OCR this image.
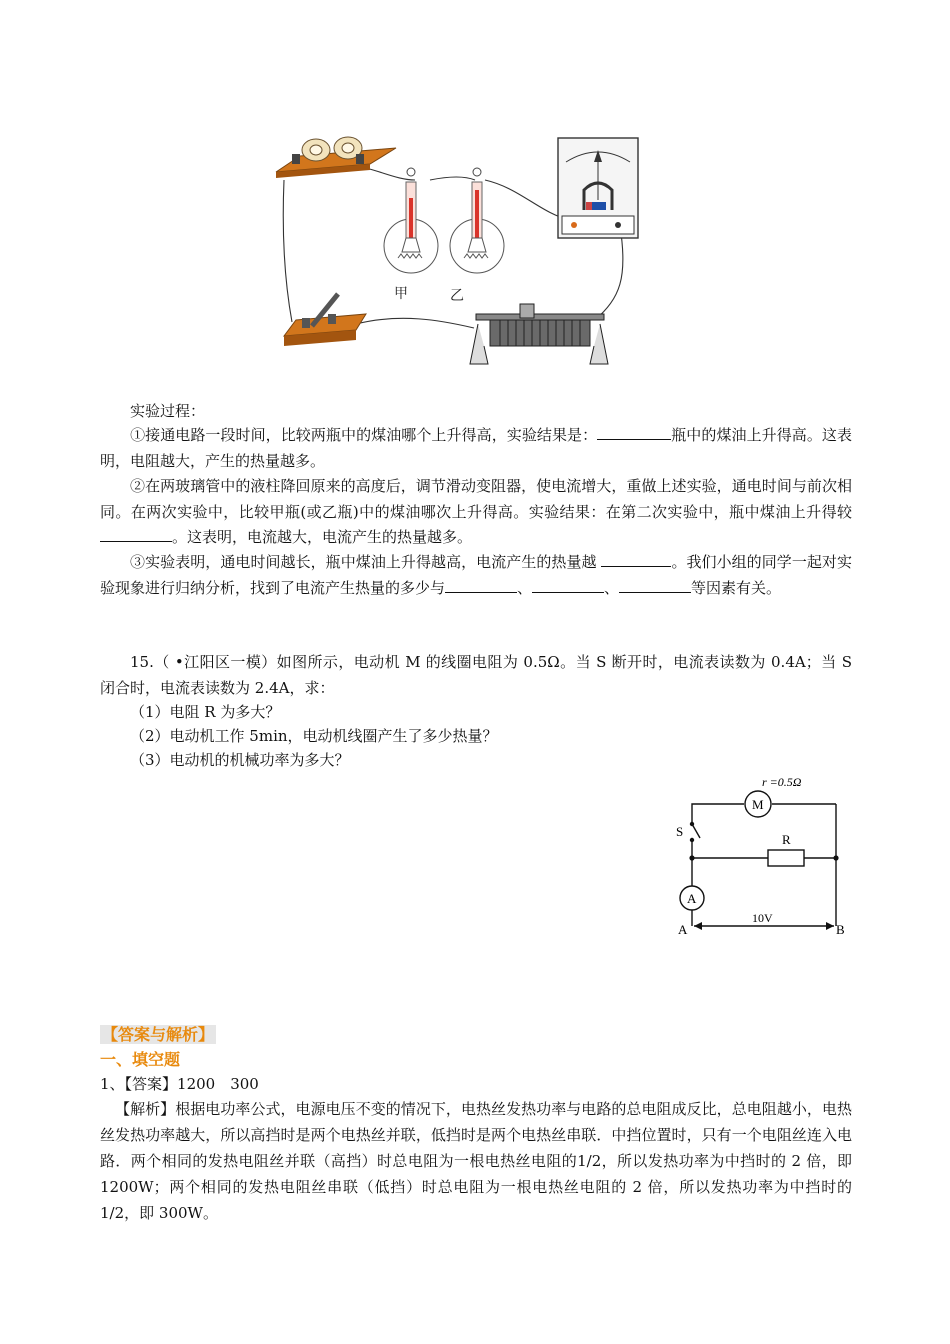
甲	乙
实验过程：
①接通电路一段时间，比较两瓶中的煤油哪个上升得高，实验结果是：	瓶中的煤油上升得高。这表明，电阻越大，产生的热量越多。
②在两玻璃管中的液柱降回原来的高度后，调节滑动变阻器，使电流增大，重做上述实验，通电时间与前次相同。在两次实验中，比较甲瓶(或乙瓶)中的煤油哪次上升得高。实验结果：在第二次实验中，瓶中煤油上升得较。这表明，电流越大，电流产生的热量越多。
③实验表明，通电时间越长，瓶中煤油上升得越高，电流产生的热量越	。我们小组的同学一起对实验现象进行归纳分析，找到了电流产生热量的多少与	、	、	等因素有关。
15.（ •江阳区一模）如图所示，电动机 M 的线圈电阻为 0.5Ω。当 S 断开时，电流表读数为 0.4A；当 S 闭合时，电流表读数为 2.4A，求：
（1）电阻 R 为多大？
（2）电动机工作 5min，电动机线圈产生了多少热量？
（3）电动机的机械功率为多大？
r =0.5Ω
M
S
R
A
10V
A	B
【答案与解析】
一、填空题
1、【答案】1200　300
【解析】根据电功率公式，电源电压不变的情况下，电热丝发热功率与电路的总电阻成反比，总电阻越小，电热丝发热功率越大，所以高挡时是两个电热丝并联，低挡时是两个电热丝串联．中挡位置时，只有一个电阻丝连入电路．两个相同的发热电阻丝并联（高挡）时总电阻为一根电热丝电阻的1/2，所以发热功率为中挡时的 2 倍，即 1200W；两个相同的发热电阻丝串联（低挡）时总电阻为一根电热丝电阻的 2 倍，所以发热功率为中挡时的 1/2，即 300W。
